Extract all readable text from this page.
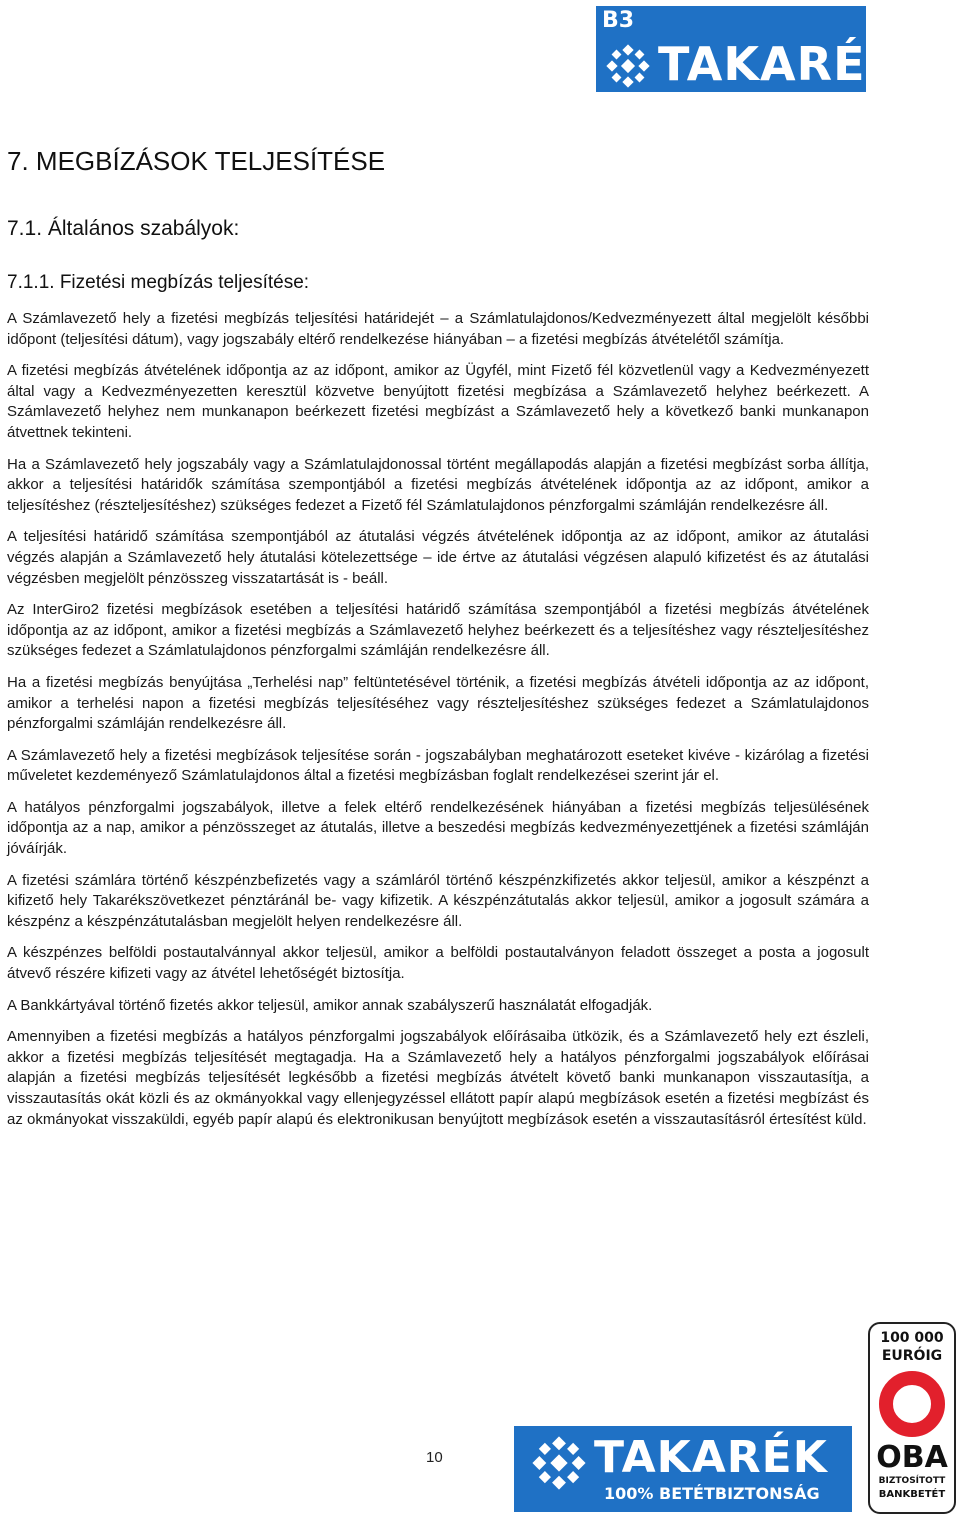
B3
TAKARÉK
7. MEGBÍZÁSOK TELJESÍTÉSE
7.1. Általános szabályok:
7.1.1. Fizetési megbízás teljesítése:

A Számlavezető hely a fizetési megbízás teljesítési határidejét – a Számlatulajdonos/Kedvezményezett által megjelölt későbbi időpont (teljesítési dátum), vagy jogszabály eltérő rendelkezése hiányában – a fizetési megbízás átvételétől számítja.

A fizetési megbízás átvételének időpontja az az időpont, amikor az Ügyfél, mint Fizető fél közvetlenül vagy a Kedvezményezett által vagy a Kedvezményezetten keresztül közvetve benyújtott fizetési megbízása a Számlavezető helyhez beérkezett. A Számlavezető helyhez nem munkanapon beérkezett fizetési megbízást a Számlavezető hely a következő banki munkanapon átvettnek tekinteni.

Ha a Számlavezető hely jogszabály vagy a Számlatulajdonossal történt megállapodás alapján a fizetési megbízást sorba állítja, akkor a teljesítési határidők számítása szempontjából a fizetési megbízás átvételének időpontja az az időpont, amikor a teljesítéshez (részteljesítéshez) szükséges fedezet a Fizető fél Számlatulajdonos pénzforgalmi számláján rendelkezésre áll.

A teljesítési határidő számítása szempontjából az átutalási végzés átvételének időpontja az az időpont, amikor az átutalási végzés alapján a Számlavezető hely átutalási kötelezettsége – ide értve az átutalási végzésen alapuló kifizetést és az átutalási végzésben megjelölt pénzösszeg visszatartását is - beáll.

Az InterGiro2 fizetési megbízások esetében a teljesítési határidő számítása szempontjából a fizetési megbízás átvételének időpontja az az időpont, amikor a fizetési megbízás a Számlavezető helyhez beérkezett és a teljesítéshez vagy részteljesítéshez szükséges fedezet a Számlatulajdonos pénzforgalmi számláján rendelkezésre áll.

Ha a fizetési megbízás benyújtása „Terhelési nap” feltüntetésével történik, a fizetési megbízás átvételi időpontja az az időpont, amikor a terhelési napon a fizetési megbízás teljesítéséhez vagy részteljesítéshez szükséges fedezet a Számlatulajdonos pénzforgalmi számláján rendelkezésre áll.

A Számlavezető hely a fizetési megbízások teljesítése során - jogszabályban meghatározott eseteket kivéve - kizárólag a fizetési műveletet kezdeményező Számlatulajdonos által a fizetési megbízásban foglalt rendelkezései szerint jár el.

A hatályos pénzforgalmi jogszabályok, illetve a felek eltérő rendelkezésének hiányában a fizetési megbízás teljesülésének időpontja az a nap, amikor a pénzösszeget az átutalás, illetve a beszedési megbízás kedvezményezettjének a fizetési számláján jóváírják.

A fizetési számlára történő készpénzbefizetés vagy a számláról történő készpénzkifizetés akkor teljesül, amikor a készpénzt a kifizető hely Takarékszövetkezet pénztáránál be- vagy kifizetik. A készpénzátutalás akkor teljesül, amikor a jogosult számára a készpénz a készpénzátutalásban megjelölt helyen rendelkezésre áll.

A készpénzes belföldi postautalvánnyal akkor teljesül, amikor a belföldi postautalványon feladott összeget a posta a jogosult átvevő részére kifizeti vagy az átvétel lehetőségét biztosítja.

A Bankkártyával történő fizetés akkor teljesül, amikor annak szabályszerű használatát elfogadják.

Amennyiben a fizetési megbízás a hatályos pénzforgalmi jogszabályok előírásaiba ütközik, és a Számlavezető hely ezt észleli, akkor a fizetési megbízás teljesítését megtagadja. Ha a Számlavezető hely a hatályos pénzforgalmi jogszabályok előírásai alapján a fizetési megbízás teljesítését legkésőbb a fizetési megbízás átvételt követő banki munkanapon visszautasítja, a visszautasítás okát közli és az okmányokkal vagy ellenjegyzéssel ellátott papír alapú megbízások esetén a fizetési megbízást és az okmányokat visszaküldi, egyéb papír alapú és elektronikusan benyújtott megbízások esetén a visszautasításról értesítést küld.

10	TAKARÉK
100% BETÉTBIZTONSÁG
100 000
EURÓIG
OBA
BIZTOSÍTOTT
BANKBETÉT
